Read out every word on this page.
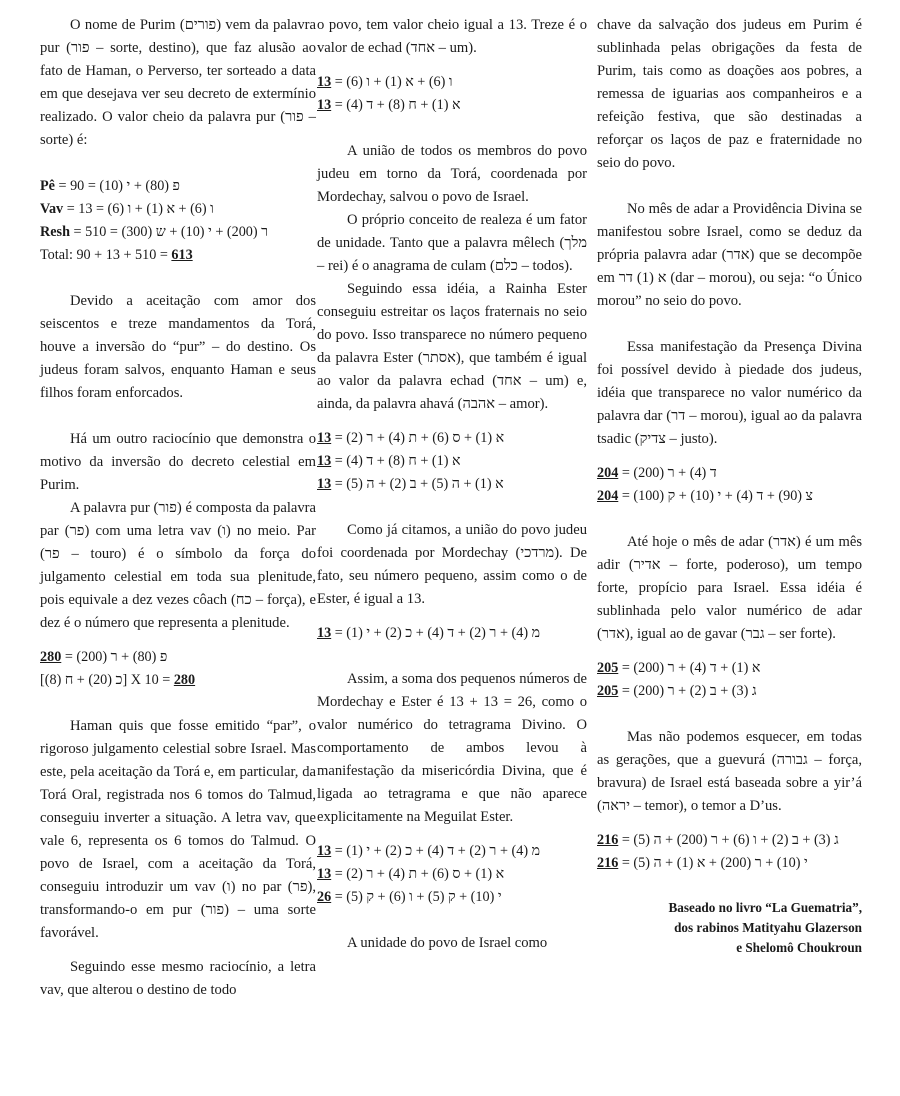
O nome de Purim (פורים) vem da palavra pur (פור – sorte, destino), que faz alusão ao fato de Haman, o Perverso, ter sorteado a data em que desejava ver seu decreto de extermínio realizado. O valor cheio da palavra pur (פור – sorte) é:

Pê = פ (80) + י (10) = 90

Vav = ו (6) + א (1) + ו (6) = 13

Resh = ר (200) + י (10) + ש (300) = 510

Total: 90 + 13 + 510 = 613

Devido a aceitação com amor dos seiscentos e treze mandamentos da Torá, houve a inversão do “pur” – do destino. Os judeus foram salvos, enquanto Haman e seus filhos foram enforcados.

Há um outro raciocínio que demonstra o motivo da inversão do decreto celestial em Purim.

A palavra pur (פור) é composta da palavra par (פר) com uma letra vav (ו) no meio. Par (פר – touro) é o símbolo da força do julgamento celestial em toda sua plenitude, pois equivale a dez vezes côach (כח – força), e dez é o número que representa a plenitude.

פ (80) + ר (200) = 280

[כ (20) + ח (8)] X 10 = 280

Haman quis que fosse emitido “par”, o rigoroso julgamento celestial sobre Israel. Mas este, pela aceitação da Torá e, em particular, da Torá Oral, registrada nos 6 tomos do Talmud, conseguiu inverter a situação. A letra vav, que vale 6, representa os 6 tomos do Talmud. O povo de Israel, com a aceitação da Torá, conseguiu introduzir um vav (ו) no par (פר), transformando-o em pur (פור) – uma sorte favorável.

Seguindo esse mesmo raciocínio, a letra vav, que alterou o destino de todo

o povo, tem valor cheio igual a 13. Treze é o valor de echad (אחד – um).

ו (6) + א (1) + ו (6) = 13

א (1) + ח (8) + ד (4) = 13

A união de todos os membros do povo judeu em torno da Torá, coordenada por Mordechay, salvou o povo de Israel.

O próprio conceito de realeza é um fator de unidade. Tanto que a palavra mêlech (מלך – rei) é o anagrama de culam (כלם – todos).

Seguindo essa idéia, a Rainha Ester conseguiu estreitar os laços fraternais no seio do povo. Isso transparece no número pequeno da palavra Ester (אסתר), que também é igual ao valor da palavra echad (אחד – um) e, ainda, da palavra ahavá (אהבה – amor).

א (1) + ס (6) + ת (4) + ר (2) = 13

א (1) + ח (8) + ד (4) = 13

א (1) + ה (5) + ב (2) + ה (5) = 13

Como já citamos, a união do povo judeu foi coordenada por Mordechay (מרדכי). De fato, seu número pequeno, assim como o de Ester, é igual a 13.

מ (4) + ר (2) + ד (4) + כ (2) + י (1) = 13

Assim, a soma dos pequenos números de Mordechay e Ester é 13 + 13 = 26, como o valor numérico do tetragrama Divino. O comportamento de ambos levou à manifestação da misericórdia Divina, que é ligada ao tetragrama e que não aparece explicitamente na Meguilat Ester.

מ (4) + ר (2) + ד (4) + כ (2) + י (1) = 13

א (1) + ס (6) + ת (4) + ר (2) = 13

י (10) + ק (5) + ו (6) + ק (5) = 26

A unidade do povo de Israel como

chave da salvação dos judeus em Purim é sublinhada pelas obrigações da festa de Purim, tais como as doações aos pobres, a remessa de iguarias aos companheiros e a refeição festiva, que são destinadas a reforçar os laços de paz e fraternidade no seio do povo.

No mês de adar a Providência Divina se manifestou sobre Israel, como se deduz da própria palavra adar (אדר) que se decompõe em א (1) דר (dar – morou), ou seja: “o Único morou” no seio do povo.

Essa manifestação da Presença Divina foi possível devido à piedade dos judeus, idéia que transparece no valor numérico da palavra dar (דר – morou), igual ao da palavra tsadic (צדיק – justo).

ד (4) + ר (200) = 204

צ (90) + ד (4) + י (10) + ק (100) = 204

Até hoje o mês de adar (אדר) é um mês adir (אדיר – forte, poderoso), um tempo forte, propício para Israel. Essa idéia é sublinhada pelo valor numérico de adar (אדר), igual ao de gavar (גבר – ser forte).

א (1) + ד (4) + ר (200) = 205

ג (3) + ב (2) + ר (200) = 205

Mas não podemos esquecer, em todas as gerações, que a guevurá (גבורה – força, bravura) de Israel está baseada sobre a yir’á (יראה – temor), o temor a D’us.

ג (3) + ב (2) + ו (6) + ר (200) + ה (5) = 216

י (10) + ר (200) + א (1) + ה (5) = 216

Baseado no livro “La Guematria”,
dos rabinos Matityahu Glazerson
e Shelomô Choukroun
